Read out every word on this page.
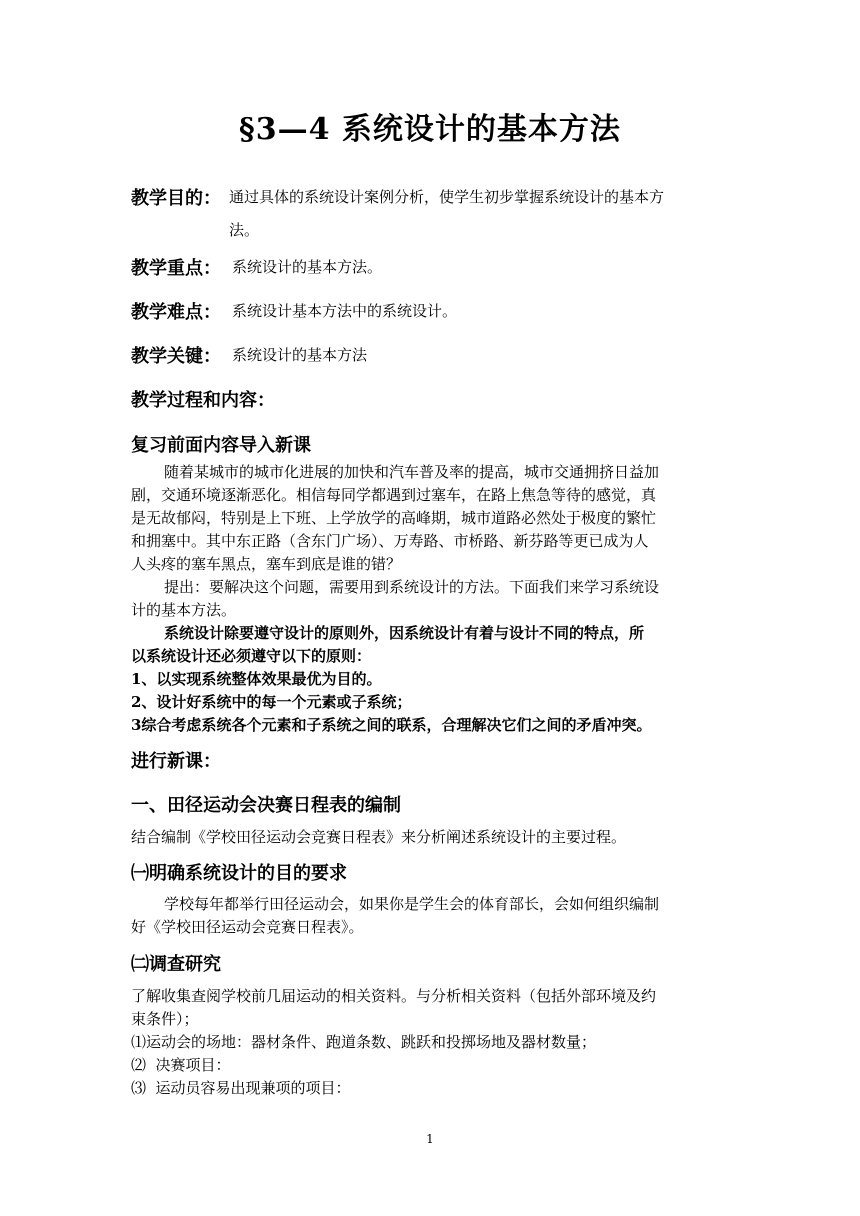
§3—4 系统设计的基本方法
教学目的： 通过具体的系统设计案例分析，使学生初步掌握系统设计的基本方
法。
教学重点： 系统设计的基本方法。
教学难点： 系统设计基本方法中的系统设计。
教学关键： 系统设计的基本方法
教学过程和内容：
复习前面内容导入新课
随着某城市的城市化进展的加快和汽车普及率的提高，城市交通拥挤日益加
剧，交通环境逐渐恶化。相信每同学都遇到过塞车，在路上焦急等待的感觉，真
是无故郁闷，特别是上下班、上学放学的高峰期，城市道路必然处于极度的繁忙
和拥塞中。其中东正路（含东门广场）、万寿路、市桥路、新芬路等更已成为人
人头疼的塞车黑点，塞车到底是谁的错？
提出：要解决这个问题，需要用到系统设计的方法。下面我们来学习系统设
计的基本方法。
系统设计除要遵守设计的原则外，因系统设计有着与设计不同的特点，所
以系统设计还必须遵守以下的原则：
1、以实现系统整体效果最优为目的。
2、设计好系统中的每一个元素或子系统；
3综合考虑系统各个元素和子系统之间的联系，合理解决它们之间的矛盾冲突。
进行新课：
一、田径运动会决赛日程表的编制
结合编制《学校田径运动会竞赛日程表》来分析阐述系统设计的主要过程。
㈠明确系统设计的目的要求
学校每年都举行田径运动会，如果你是学生会的体育部长，会如何组织编制
好《学校田径运动会竞赛日程表》。
㈡调查研究
了解收集查阅学校前几届运动的相关资料。与分析相关资料（包括外部环境及约
束条件）；
⑴运动会的场地：器材条件、跑道条数、跳跃和投掷场地及器材数量；
⑵  决赛项目：
⑶  运动员容易出现兼项的项目：
1
